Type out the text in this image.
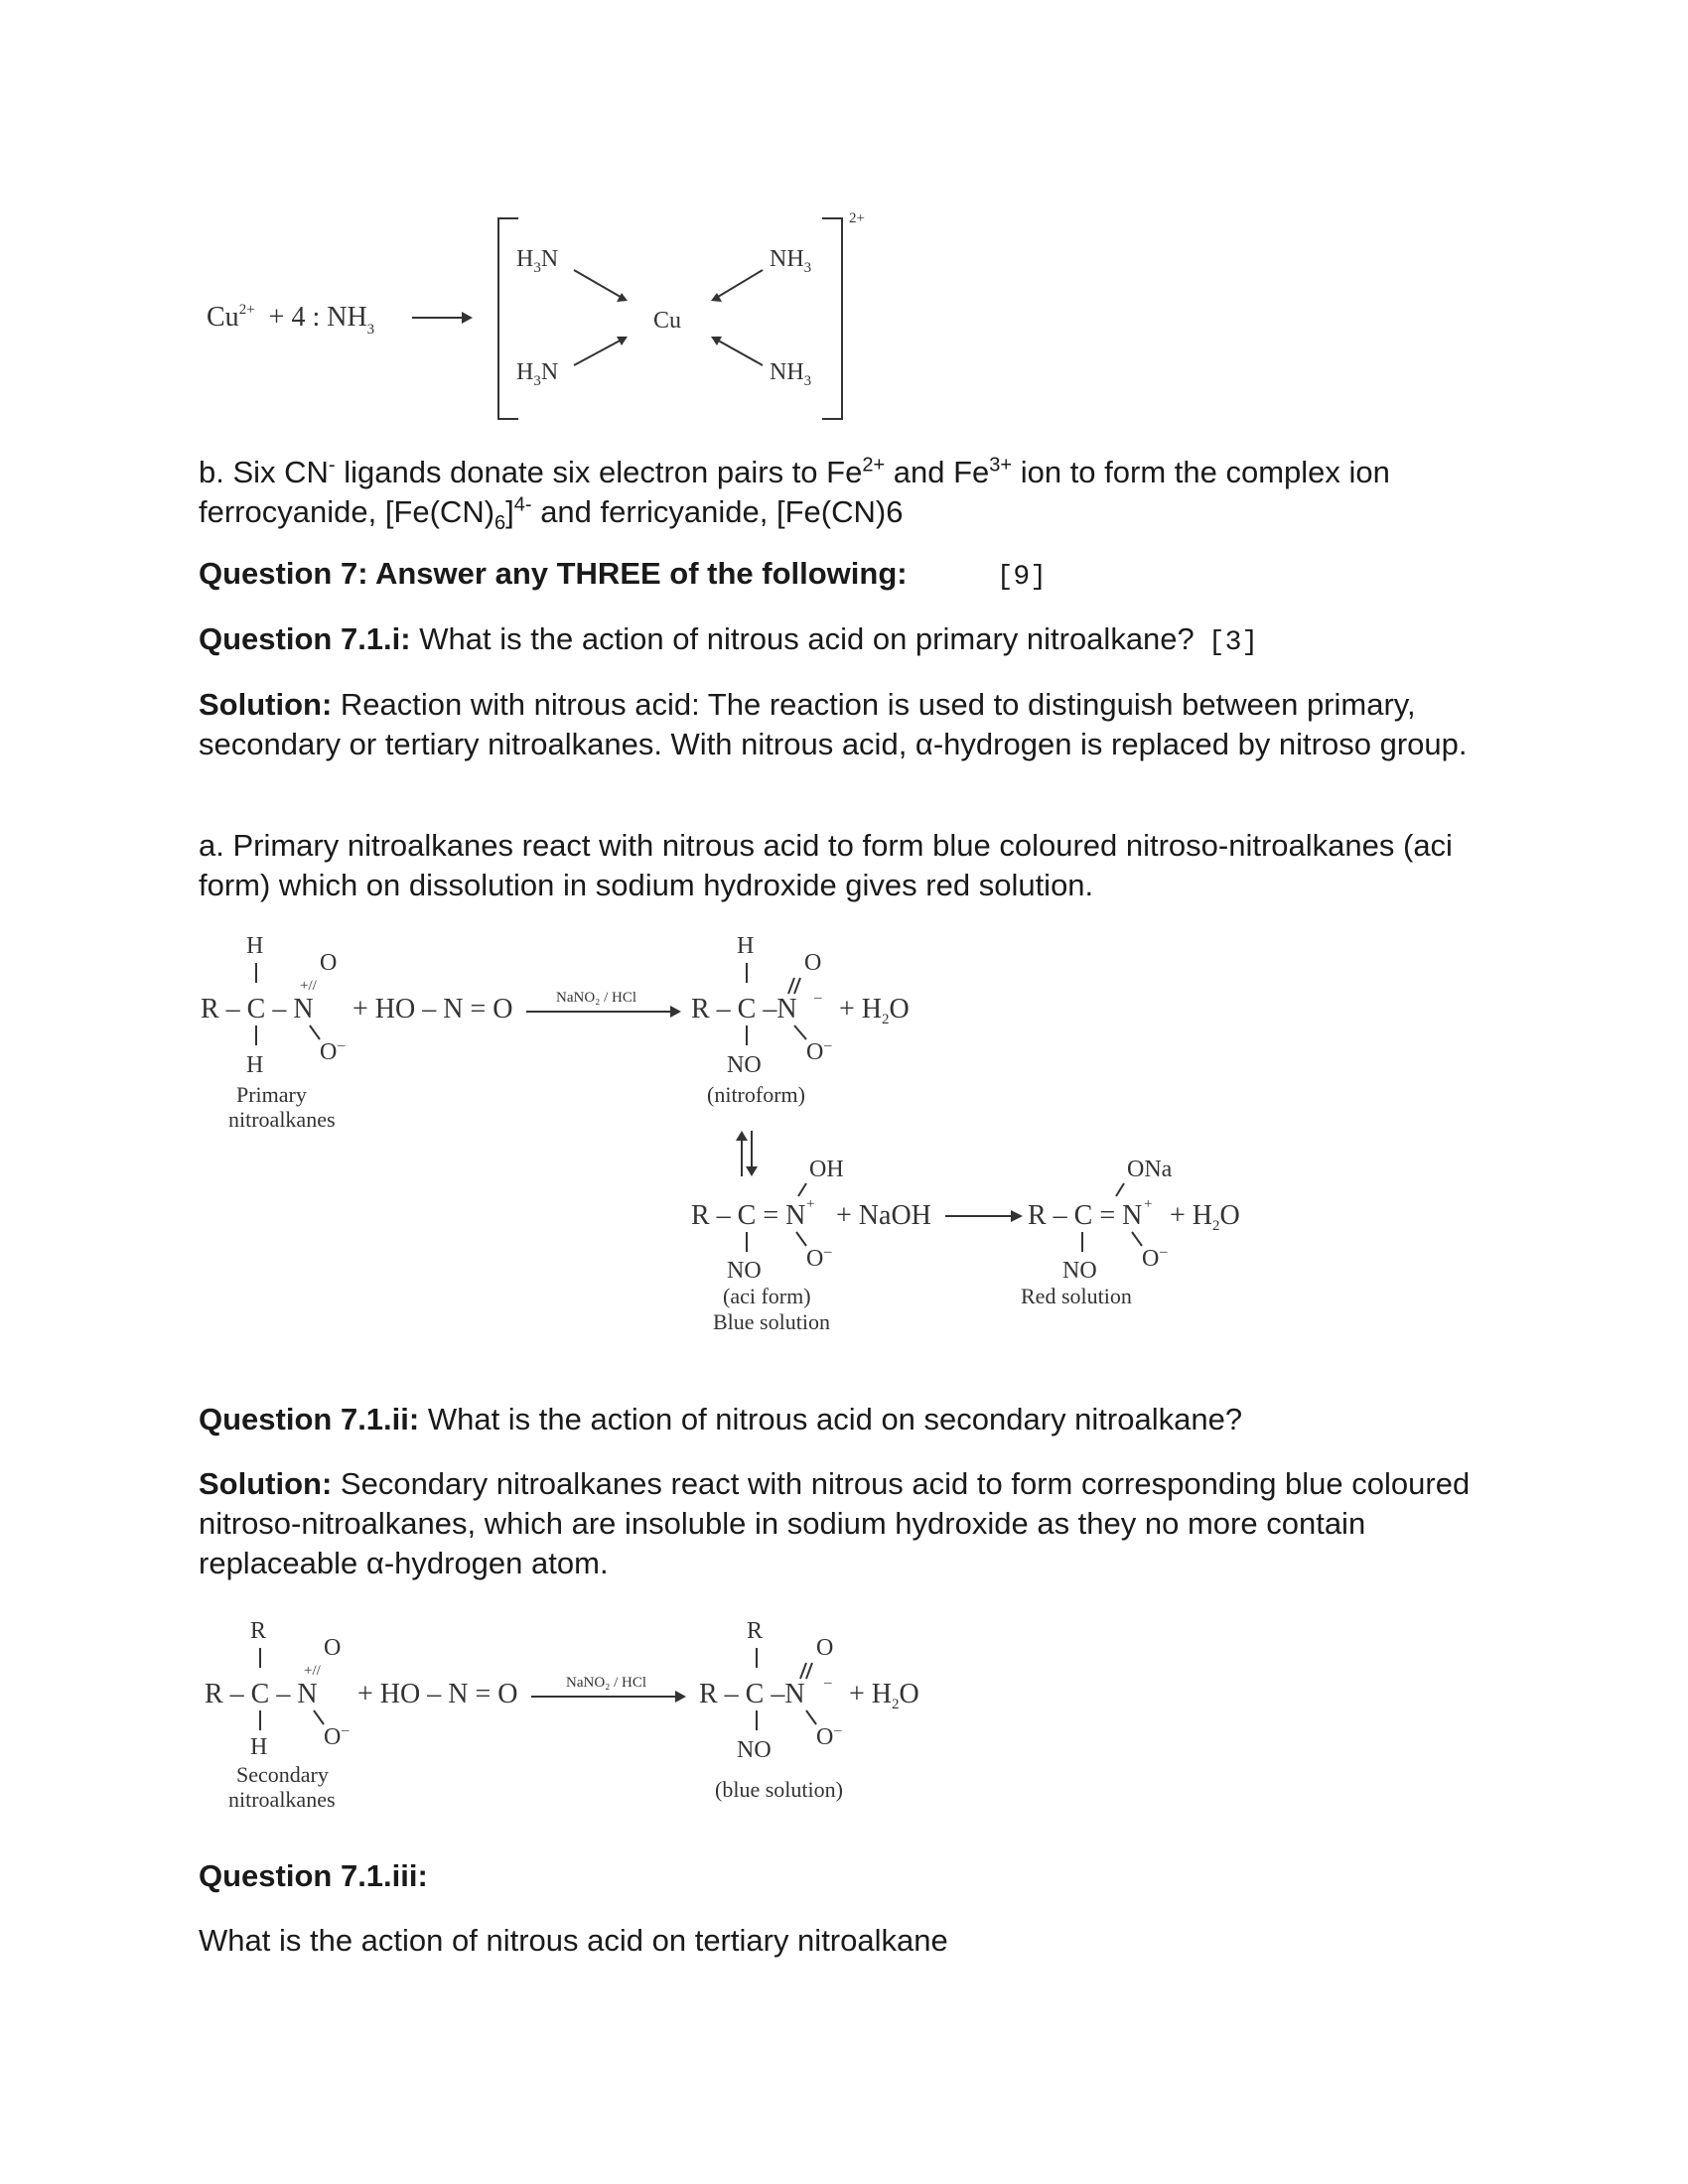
$Cu^{2+} + 4$ : $NH_3$
2+
$H_3N$
$H_3N$
$NH_3$
$NH_3$
Cu

b. Six CN- ligands donate six electron pairs to $Fe^{2+}$ and $Fe^{3+}$ ion to form the complex ion ferrocyanide, $[Fe(CN)_6]^{4-}$ and ferricyanide, [Fe(CN)6

Question 7: Answer any THREE of the following:	[9]

Question 7.1.i: What is the action of nitrous acid on primary nitroalkane? [3]

Solution: Reaction with nitrous acid: The reaction is used to distinguish between primary, secondary or tertiary nitroalkanes. With nitrous acid, α-hydrogen is replaced by nitroso group.

a. Primary nitroalkanes react with nitrous acid to form blue coloured nitroso-nitroalkanes (aci form) which on dissolution in sodium hydroxide gives red solution.

H
O
+//
R – C – N + HO – N = O
O –
H
Primary
nitroalkanes
NaNO₂ / HCl
H
O
R – C –N – + $H_2O$
O –
NO
(nitroform)
OH
R – C = N + + NaOH
O –
NO
(aci form)
Blue solution
ONa
R – C = N + + $H_2O$
O –
NO
Red solution

Question 7.1.ii: What is the action of nitrous acid on secondary nitroalkane?

Solution: Secondary nitroalkanes react with nitrous acid to form corresponding blue coloured nitroso-nitroalkanes, which are insoluble in sodium hydroxide as they no more contain replaceable α-hydrogen atom.

R
O
+//
R – C – N + HO – N = O
O –
H
Secondary
nitroalkanes
NaNO₂ / HCl
R
O
R – C –N – + $H_2O$
O –
NO
(blue solution)

Question 7.1.iii:

What is the action of nitrous acid on tertiary nitroalkane
